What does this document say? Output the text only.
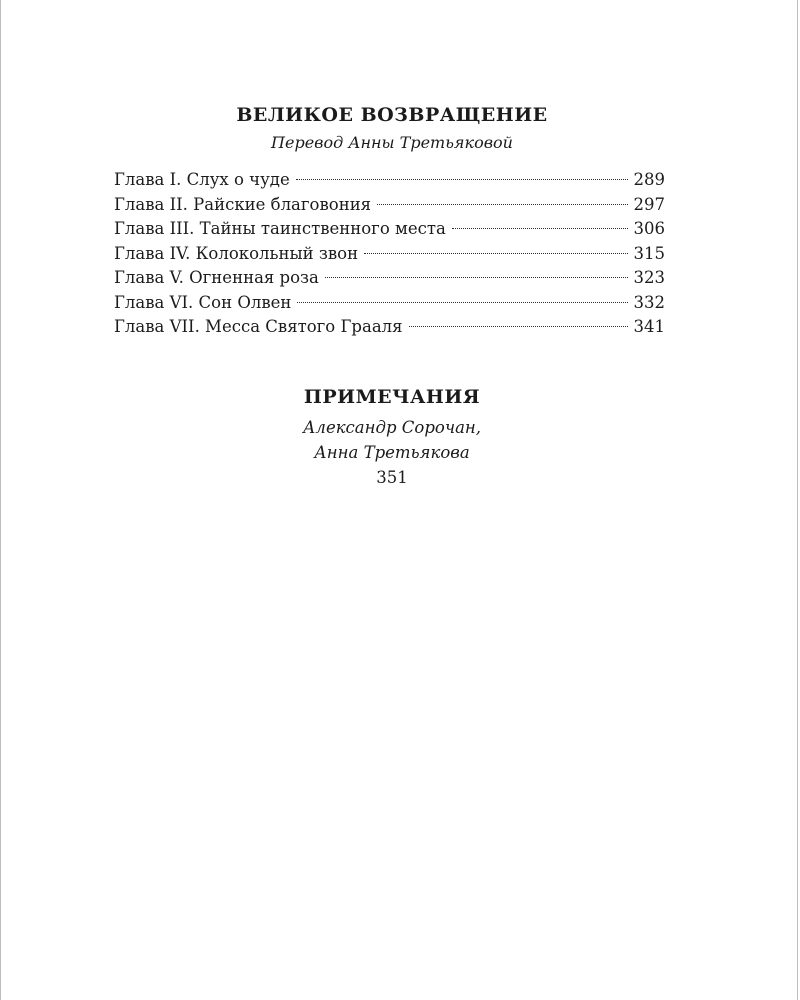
ВЕЛИКОЕ ВОЗВРАЩЕНИЕ

Перевод Анны Третьяковой

Глава I. Слух о чуде	289
Глава II. Райские благовония	297
Глава III. Тайны таинственного места	306
Глава IV. Колокольный звон	315
Глава V. Огненная роза	323
Глава VI. Сон Олвен	332
Глава VII. Месса Святого Грааля	341
ПРИМЕЧАНИЯ

Александр Сорочан,

Анна Третьякова

351
